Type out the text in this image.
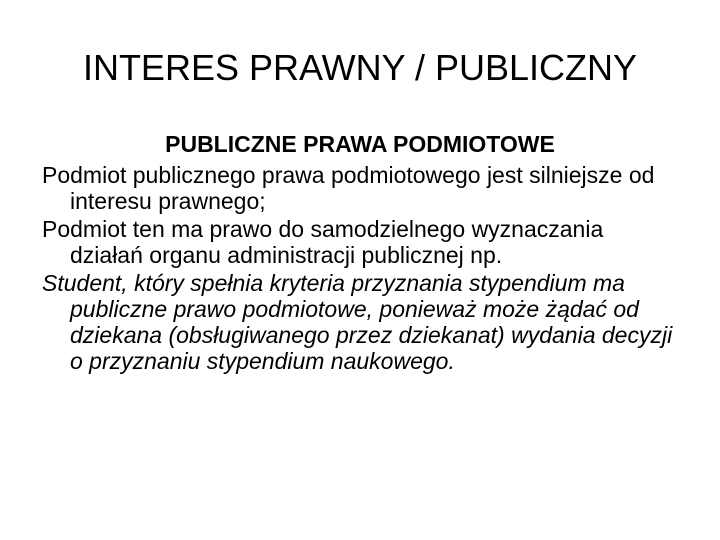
INTERES PRAWNY / PUBLICZNY

PUBLICZNE PRAWA PODMIOTOWE

Podmiot publicznego prawa podmiotowego jest silniejsze od interesu prawnego;

Podmiot ten ma prawo do samodzielnego wyznaczania działań organu administracji publicznej np.

Student, który spełnia kryteria przyznania stypendium ma publiczne prawo podmiotowe, ponieważ może żądać od dziekana (obsługiwanego przez dziekanat) wydania decyzji o przyznaniu stypendium naukowego.
